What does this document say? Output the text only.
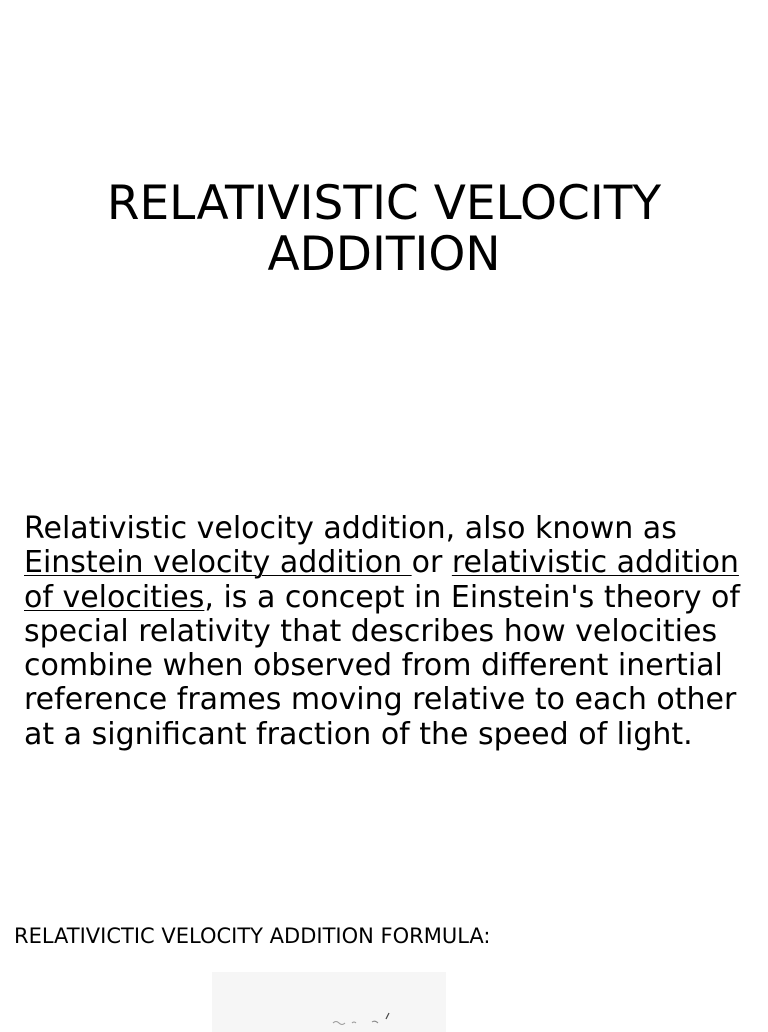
RELATIVISTIC VELOCITY
ADDITION

Relativistic velocity addition, also known as Einstein velocity addition or relativistic addition of velocities, is a concept in Einstein's theory of special relativity that describes how velocities combine when observed from different inertial reference frames moving relative to each other at a significant fraction of the speed of light.

RELATIVICTIC VELOCITY ADDITION FORMULA:
